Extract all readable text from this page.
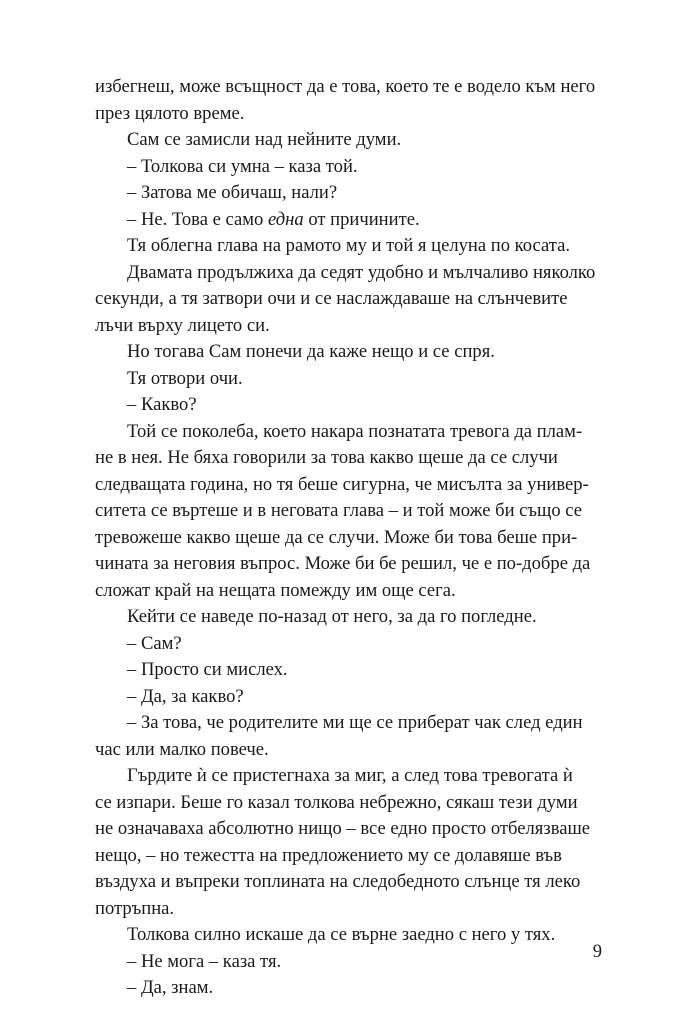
избегнеш, може всъщност да е това, което те е водело към него
през цялото време.
Сам се замисли над нейните думи.
– Толкова си умна – каза той.
– Затова ме обичаш, нали?
– Не. Това е само една от причините.
Тя облегна глава на рамото му и той я целуна по косата.
Двамата продължиха да седят удобно и мълчаливо няколко
секунди, а тя затвори очи и се наслаждаваше на слънчевите
лъчи върху лицето си.
Но тогава Сам понечи да каже нещо и се спря.
Тя отвори очи.
– Какво?
Той се поколеба, което накара познатата тревога да плам-
не в нея. Не бяха говорили за това какво щеше да се случи
следващата година, но тя беше сигурна, че мисълта за универ-
ситета се въртеше и в неговата глава – и той може би също се
тревожеше какво щеше да се случи. Може би това беше при-
чината за неговия въпрос. Може би бе решил, че е по-добре да
сложат край на нещата помежду им още сега.
Кейти се наведе по-назад от него, за да го погледне.
– Сам?
– Просто си мислех.
– Да, за какво?
– За това, че родителите ми ще се приберат чак след един
час или малко повече.
Гърдите ѝ се пристегнаха за миг, а след това тревогата ѝ
се изпари. Беше го казал толкова небрежно, сякаш тези думи
не означаваха абсолютно нищо – все едно просто отбелязваше
нещо, – но тежестта на предложението му се долавяше във
въздуха и въпреки топлината на следобедното слънце тя леко
потръпна.
Толкова силно искаше да се върне заедно с него у тях.
– Не мога – каза тя.
– Да, знам.
9
